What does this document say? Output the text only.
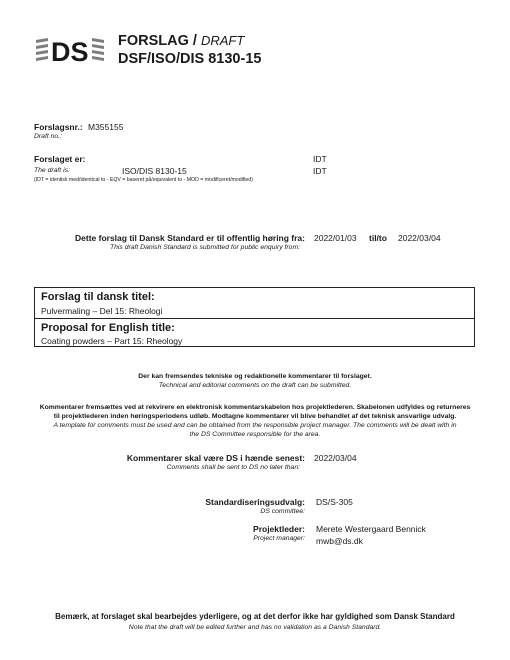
DS FORSLAG / DRAFT
DSF/ISO/DIS 8130-15
Forslagsnr.: M355155
Draft no.:
Forslaget er:	IDT
The draft is:	ISO/DIS 8130-15	IDT
(IDT = identisk med/identical to - EQV = baseret på/equivalent to - MOD = modificeret/modified)
Dette forslag til Dansk Standard er til offentlig høring fra:
This draft Danish Standard is submitted for public enquiry from:
2022/01/03 til/to 2022/03/04
Forslag til dansk titel:
Pulvermaling – Del 15: Rheologi
Proposal for English title:
Coating powders – Part 15: Rheology
Der kan fremsendes tekniske og redaktionelle kommentarer til forslaget.
Technical and editorial comments on the draft can be submitted.
Kommentarer fremsættes ved at rekvirere en elektronisk kommentarskabelon hos projektlederen. Skabelonen udfyldes og returneres
til projektlederen inden høringsperiodens udløb. Modtagne kommentarer vil blive behandlet af det teknisk ansvarlige udvalg.
A template for comments must be used and can be obtained from the responsible project manager. The comments will be dealt with in
the DS Committee responsible for the area.
Kommentarer skal være DS i hænde senest:
Comments shall be sent to DS no later than:
2022/03/04
Standardiseringsudvalg:
DS committee:
DS/S-305
Projektleder:
Project manager:
Merete Westergaard Bennick
mwb@ds.dk
Bemærk, at forslaget skal bearbejdes yderligere, og at det derfor ikke har gyldighed som Dansk Standard
Note that the draft will be edited further and has no validation as a Danish Standard.
